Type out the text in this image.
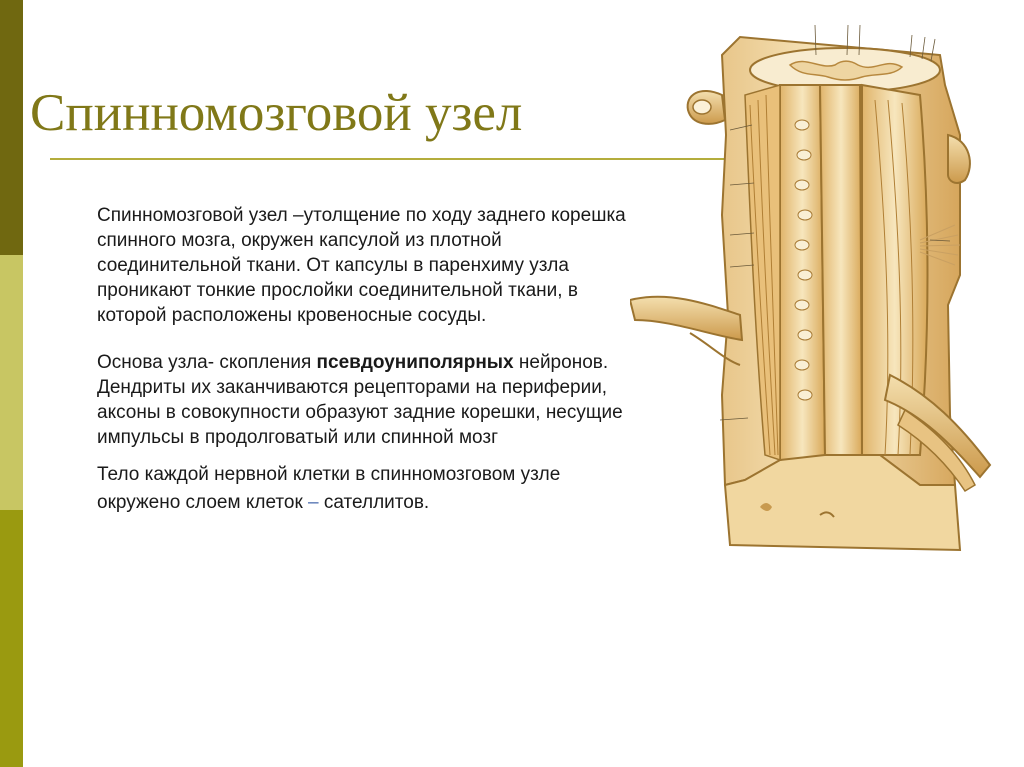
Спинномозговой узел

Спинномозговой узел –утолщение по ходу заднего корешка спинного мозга, окружен капсулой из плотной соединительной ткани. От капсулы в паренхиму узла проникают тонкие прослойки соединительной ткани, в которой расположены кровеносные сосуды.

Основа узла- скопления псевдоуниполярных нейронов. Дендриты их заканчиваются рецепторами на периферии, аксоны в совокупности образуют задние корешки, несущие импульсы в продолговатый или спинной мозг

Тело каждой нервной клетки в спинномозговом узле окружено слоем клеток – сателлитов.
